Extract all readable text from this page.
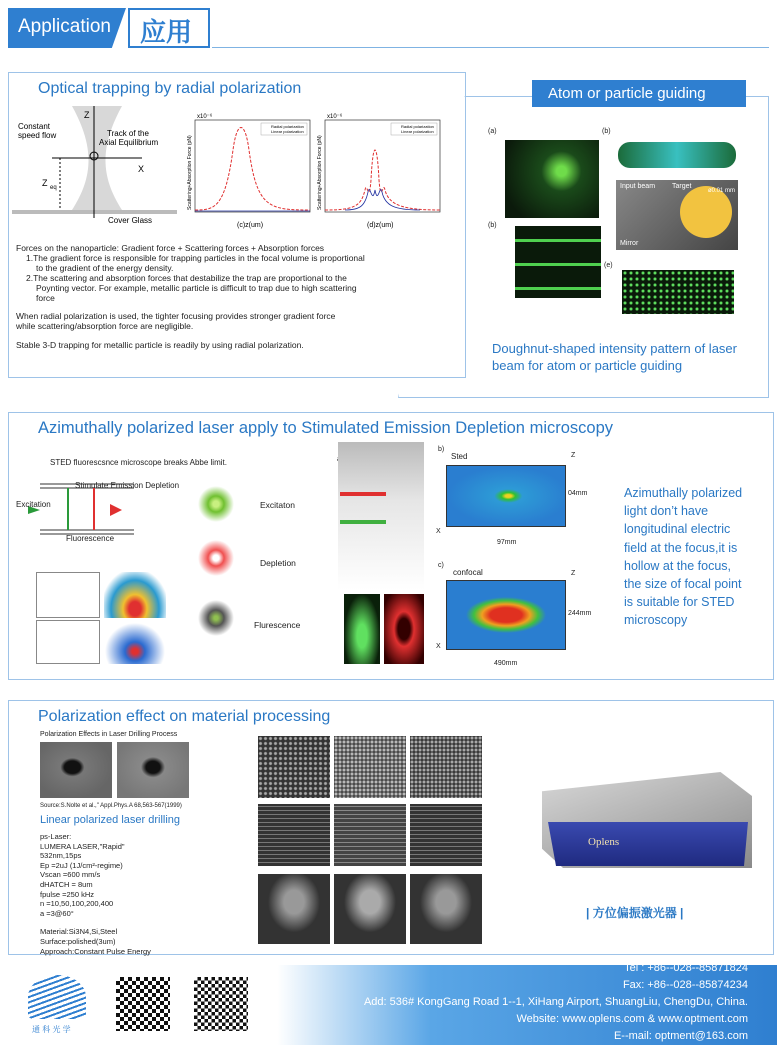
Application 应用
Optical trapping by radial polarization
Constant
speed flow	Track of the
Axial Equilibrium
Z
X
Z eq
Cover Glass
x10⁻⁶
Radial polarization
Linear polarization
(c)z(um)
Scattering+Absorption Force (pN)
x10⁻⁶
Radial polarization
Linear polarization
(d)z(um)
Scattering+Absorption Force (pN)
Forces on the nanoparticle: Gradient force + Scattering forces + Absorption forces
1.The gradient force is responsible for trapping particles in the focal volume is proportional
to the gradient of the energy density.
2.The scattering and absorption forces that destabilize the trap are proportional to the
Poynting vector. For example, metallic particle is difficult to trap due to high scattering
force
When radial polarization is used, the tighter focusing provides stronger gradient force
while scattering/absorption force are negligible.
Stable 3-D trapping for metallic particle is readily by using radial polarization.
Atom or particle guiding
(a)	(b)
(b)
(e)
Input beam Target
ø0.01 mm
Mirror
Doughnut-shaped intensity pattern of laser
beam for atom or particle guiding
Azimuthally polarized laser apply to Stimulated Emission Depletion microscopy
STED fluorescsnce microscope breaks Abbe limit.
Stimulate Emission Depletion
Excitation
Fluorescence
Excitaton
Depletion
Flurescence
b)
Sted	Z
X
04mm
97mm
c)
confocal	Z
X
244mm
490mm
Azimuthally polarized
light don’t have
longitudinal electric
field at the focus,it is
hollow at the focus,
the size of focal point
is suitable for STED
microscopy
Polarization effect on material processing
Polarization Effects in Laser Drilling Process
Source:S.Nolte et al.," Appl.Phys.A 68,563-567(1999)
Linear polarized laser drilling
ps-Laser:
LUMERA LASER,"Rapid"
532nm,15ps
Ep =2uJ (1J/cm²-regime)
Vscan =600 mm/s
dHATCH = 8um
fpulse =250 kHz
n =10,50,100,200,400
a =3@60°
Material:Si3N4,Si,Steel
Surface:polished(3um)
Approach:Constant Pulse Energy
Oplens
| 方位偏振激光器 |
通 科 光 学
Tel : +86--028--85871824
Fax: +86--028--85874234
Add: 536# KongGang Road 1--1, XiHang Airport, ShuangLiu, ChengDu, China.
Website: www.oplens.com & www.optment.com
E--mail: optment@163.com
